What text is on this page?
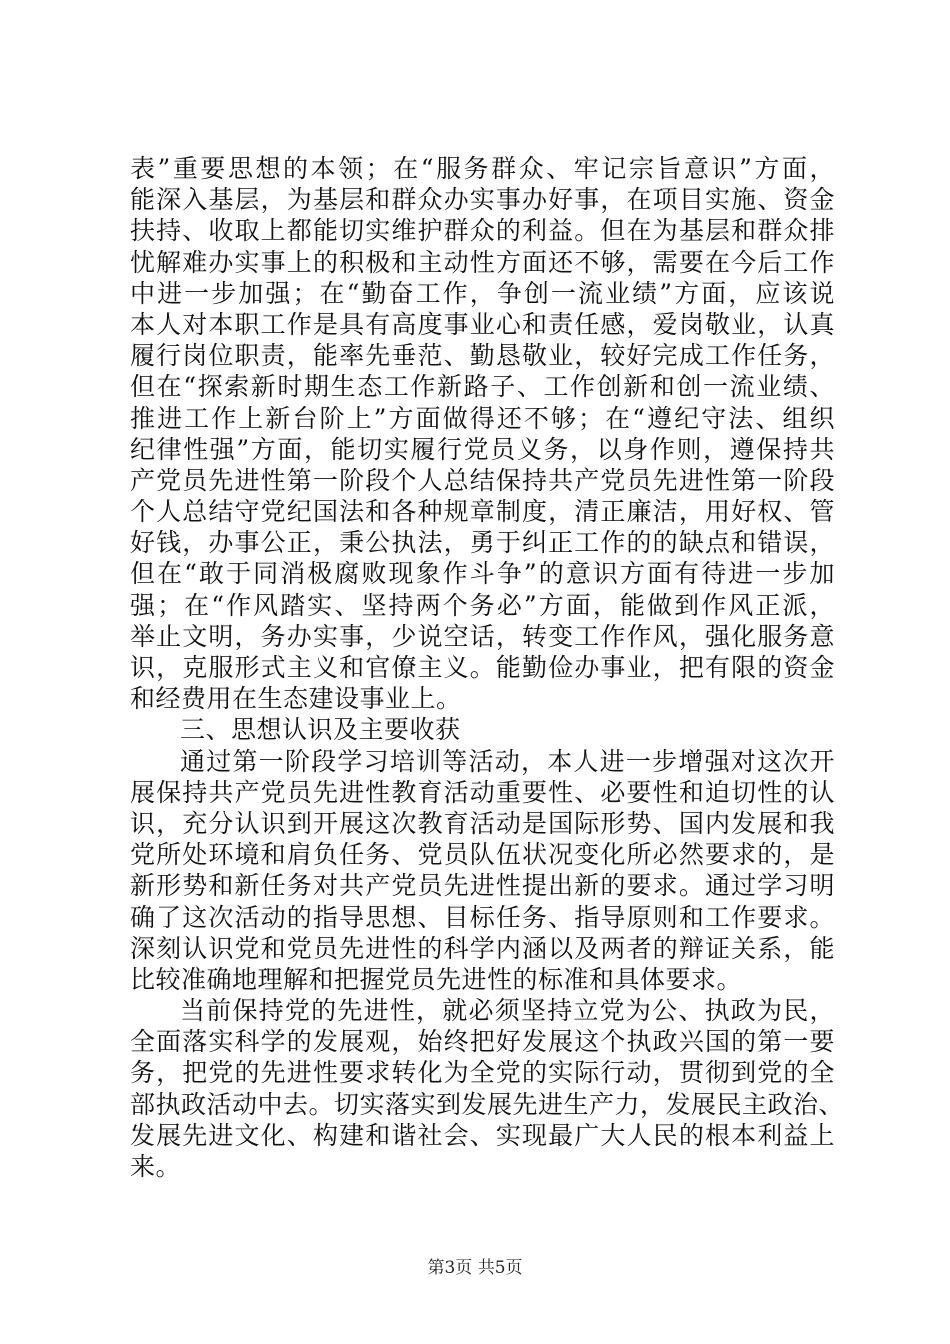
表”重要思想的本领；在“服务群众、牢记宗旨意识”方面，
能深入基层，为基层和群众办实事办好事，在项目实施、资金
扶持、收取上都能切实维护群众的利益。但在为基层和群众排
忧解难办实事上的积极和主动性方面还不够，需要在今后工作
中进一步加强；在“勤奋工作，争创一流业绩”方面，应该说
本人对本职工作是具有高度事业心和责任感，爱岗敬业，认真
履行岗位职责，能率先垂范、勤恳敬业，较好完成工作任务，
但在“探索新时期生态工作新路子、工作创新和创一流业绩、
推进工作上新台阶上”方面做得还不够；在“遵纪守法、组织
纪律性强”方面，能切实履行党员义务，以身作则，遵保持共
产党员先进性第一阶段个人总结保持共产党员先进性第一阶段
个人总结守党纪国法和各种规章制度，清正廉洁，用好权、管
好钱，办事公正，秉公执法，勇于纠正工作的的缺点和错误，
但在“敢于同消极腐败现象作斗争”的意识方面有待进一步加
强；在“作风踏实、坚持两个务必”方面，能做到作风正派，
举止文明，务办实事，少说空话，转变工作作风，强化服务意
识，克服形式主义和官僚主义。能勤俭办事业，把有限的资金
和经费用在生态建设事业上。
三、思想认识及主要收获
通过第一阶段学习培训等活动，本人进一步增强对这次开
展保持共产党员先进性教育活动重要性、必要性和迫切性的认
识，充分认识到开展这次教育活动是国际形势、国内发展和我
党所处环境和肩负任务、党员队伍状况变化所必然要求的，是
新形势和新任务对共产党员先进性提出新的要求。通过学习明
确了这次活动的指导思想、目标任务、指导原则和工作要求。
深刻认识党和党员先进性的科学内涵以及两者的辩证关系，能
比较准确地理解和把握党员先进性的标准和具体要求。
当前保持党的先进性，就必须坚持立党为公、执政为民，
全面落实科学的发展观，始终把好发展这个执政兴国的第一要
务，把党的先进性要求转化为全党的实际行动，贯彻到党的全
部执政活动中去。切实落实到发展先进生产力，发展民主政治、
发展先进文化、构建和谐社会、实现最广大人民的根本利益上
来。
第3页 共5页
